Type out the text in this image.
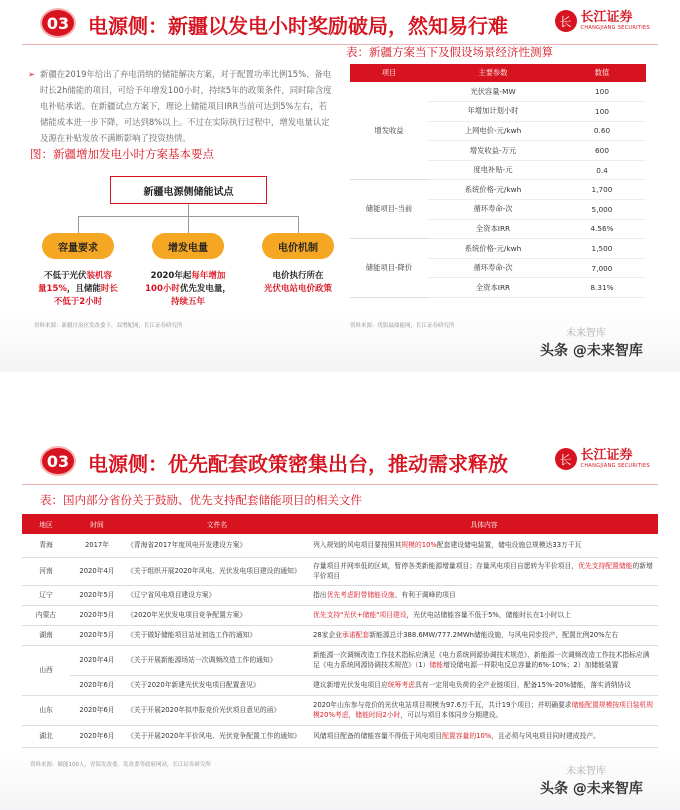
03 电源侧：新疆以发电小时奖励破局，然知易行难	长 长江证券
CHANGJIANG SECURITIES
➢ 新疆在2019年给出了弃电消纳的储能解决方案，对于配置功率比例15%、备电时长2h储能的项目，可给予年增发100小时，持续5年的政策条件，同时除含度电补贴承诺。在新疆试点方案下，理论上储能项目IRR当前可达到5%左右，若储能成本进一步下降，可达到8%以上。不过在实际执行过程中，增发电量认定及源在补贴发放不满断影响了投资热情。
图：新疆增加发电小时方案基本要点
新疆电源侧储能试点
容量要求	增发电量	电价机制
不低于光伏装机容
量15%，且储能时长
不低于2小时
2020年起每年增加
100小时优先发电量，
持续五年
电价执行所在
光伏电站电价政策
资料来源：新疆自治区发改委下，双增配网，长江证券研究所
表：新疆方案当下及假设场景经济性测算
项目	主要参数	数值
增发收益	光伏容量-MW	100
	年增加计划小时	100
	上网电价-元/kwh	0.60
	增发收益-万元	600
	度电补贴-元	0.4
储能项目-当前	系统价格-元/kwh	1,700
	循环寿命-次	5,000
	全资本IRR	4.56%
储能项目-降价	系统价格-元/kwh	1,500
	循环寿命-次	7,000
	全资本IRR	8.31%
资料来源：优版最储能网，长江证券研究所
未来智库
头条 @未来智库
03 电源侧：优先配套政策密集出台，推动需求释放	长 长江证券
CHANGJIANG SECURITIES
表：国内部分省份关于鼓励、优先支持配套储能项目的相关文件
地区	时间	文件名	具体内容
青海	2017年	《青海省2017年度风电开发建设方案》	列入规划的风电项目要按照其规模的10%配套建设储电装置，储电设施总规模达33万千瓦
河南	2020年4月	《关于组织开展2020年风电、光伏发电项目建设的通知》	存量项目并网率低的区域，暂停各类新能源增量项目；存量风电项目自愿转为平价项目，优先支持配置储能的新增平价项目
辽宁	2020年5月	《辽宁省风电项目建设方案》	指出优先考虑附带储能设施、有利于调峰的项目
内蒙古	2020年5月	《2020年光伏发电项目竞争配置方案》	优先支持"光伏+储能"项目建设，光伏电站储能容量不低于5%，储能时长在1小时以上
湖南	2020年5月	《关于做好储能项目站址初选工作的通知》	28家企业承诺配套新能源总计388.6MW/777.2MWh储能设施，与风电同步投产，配置比例20%左右
山西	2020年4月	《关于开展新能源场站一次调频改造工作的通知》	新能源一次调频改造工作技术指标应满足《电力系统网源协调技术规范》、新能源一次调频改造工作技术指标应满足《电力系统网源协调技术规范》（1）储能增设储电源一样限电反总容量的6%-10%；2）加储能装置
	2020年6月	《关于2020年新建光伏发电项目配置意见》	建议新增光伏发电项目应统筹考虑具有一定用电负荷的全产业链项目，配备15%-20%储能，落实消纳协议
山东	2020年6月	《关于开展2020年拟申报竞价光伏项目意见的函》	2020年山东参与竞价的光伏电站项目规模为97.6万千瓦，共计19个项目；并明确要求储能配置规模按项目装机规模20%考虑，储能时间2小时，可以与项目本体同步分期建设。
湖北	2020年6月	《关于开展2020年平价风电、光伏竞争配置工作的通知》	风储项目配备的储能容量不得低于风电项目配置容量的10%，且必须与风电项目同时建成投产。
资料来源：储能100人，青海发改委，发改委等政府网站，长江证券研究所
未来智库
头条 @未来智库
